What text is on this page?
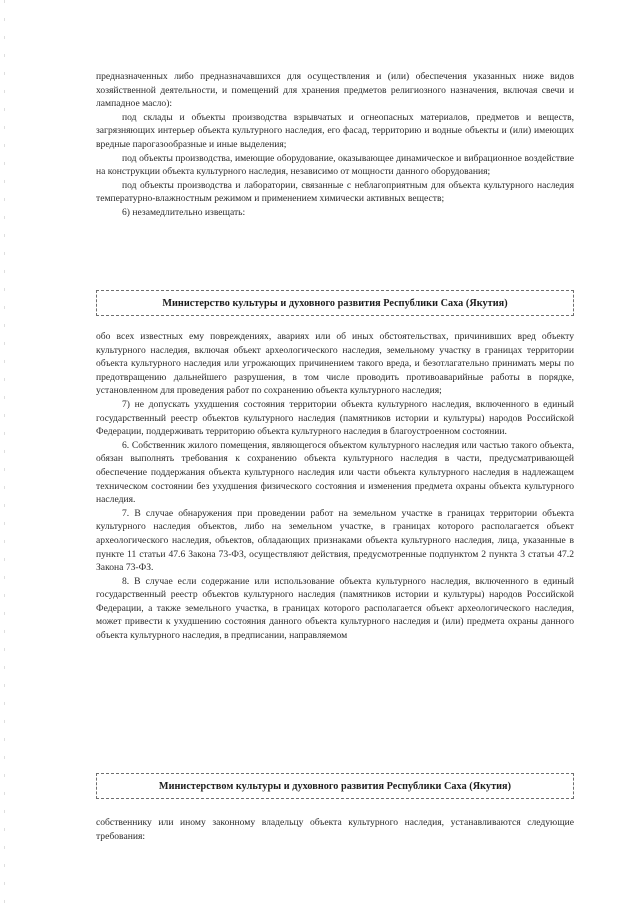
предназначенных либо предназначавшихся для осуществления и (или) обеспечения указанных ниже видов хозяйственной деятельности, и помещений для хранения предметов религиозного назначения, включая свечи и лампадное масло):

под склады и объекты производства взрывчатых и огнеопасных материалов, предметов и веществ, загрязняющих интерьер объекта культурного наследия, его фасад, территорию и водные объекты и (или) имеющих вредные парогазообразные и иные выделения;

под объекты производства, имеющие оборудование, оказывающее динамическое и вибрационное воздействие на конструкции объекта культурного наследия, независимо от мощности данного оборудования;

под объекты производства и лаборатории, связанные с неблагоприятным для объекта культурного наследия температурно-влажностным режимом и применением химически активных веществ;

6) незамедлительно извещать:

Министерство культуры и духовного развития Республики Саха (Якутия)

обо всех известных ему повреждениях, авариях или об иных обстоятельствах, причинивших вред объекту культурного наследия, включая объект археологического наследия, земельному участку в границах территории объекта культурного наследия или угрожающих причинением такого вреда, и безотлагательно принимать меры по предотвращению дальнейшего разрушения, в том числе проводить противоаварийные работы в порядке, установленном для проведения работ по сохранению объекта культурного наследия;

7) не допускать ухудшения состояния территории объекта культурного наследия, включенного в единый государственный реестр объектов культурного наследия (памятников истории и культуры) народов Российской Федерации, поддерживать территорию объекта культурного наследия в благоустроенном состоянии.

6. Собственник жилого помещения, являющегося объектом культурного наследия или частью такого объекта, обязан выполнять требования к сохранению объекта культурного наследия в части, предусматривающей обеспечение поддержания объекта культурного наследия или части объекта культурного наследия в надлежащем техническом состоянии без ухудшения физического состояния и изменения предмета охраны объекта культурного наследия.

7. В случае обнаружения при проведении работ на земельном участке в границах территории объекта культурного наследия объектов, либо на земельном участке, в границах которого располагается объект археологического наследия, объектов, обладающих признаками объекта культурного наследия, лица, указанные в пункте 11 статьи 47.6 Закона 73-ФЗ, осуществляют действия, предусмотренные подпунктом 2 пункта 3 статьи 47.2 Закона 73-ФЗ.

8. В случае если содержание или использование объекта культурного наследия, включенного в единый государственный реестр объектов культурного наследия (памятников истории и культуры) народов Российской Федерации, а также земельного участка, в границах которого располагается объект археологического наследия, может привести к ухудшению состояния данного объекта культурного наследия и (или) предмета охраны данного объекта культурного наследия, в предписании, направляемом

Министерством культуры и духовного развития Республики Саха (Якутия)

собственнику или иному законному владельцу объекта культурного наследия, устанавливаются следующие требования:
